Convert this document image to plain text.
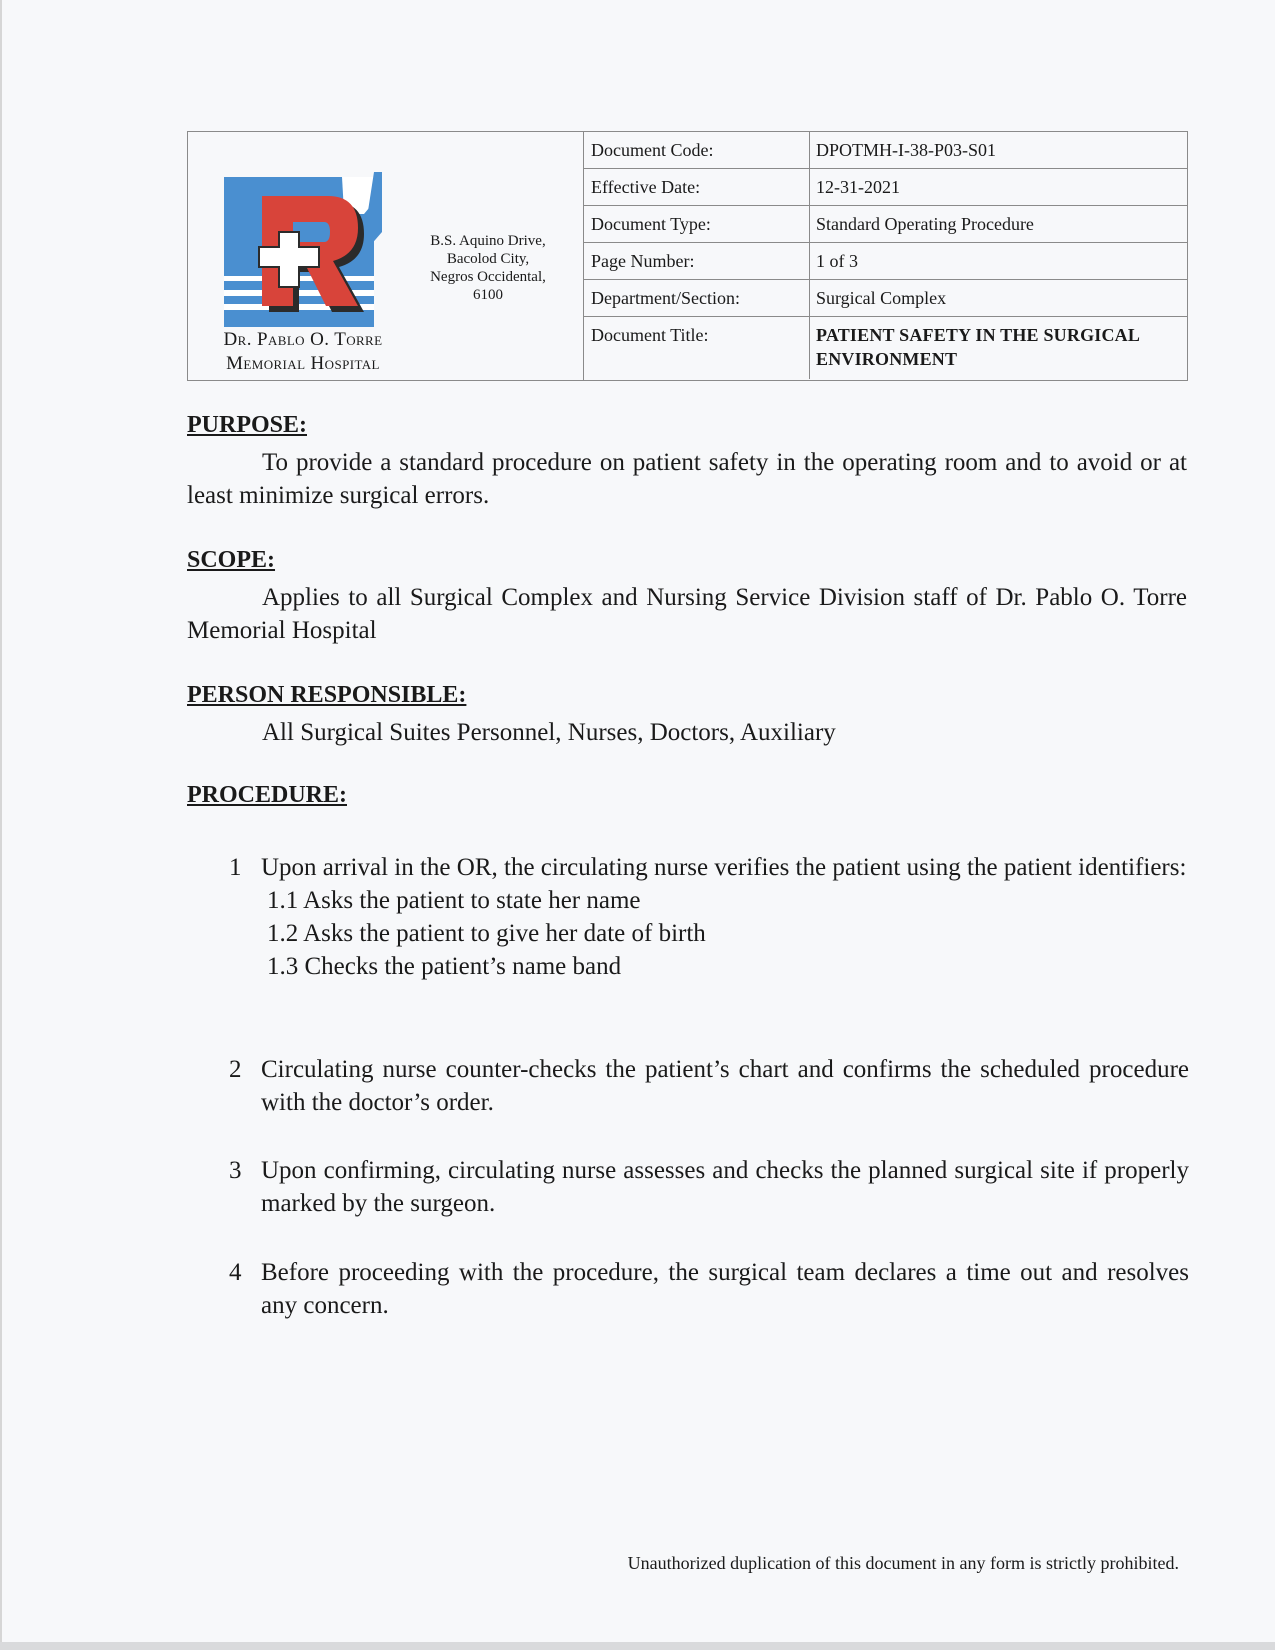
B.S. Aquino Drive,
Bacolod City,
Negros Occidental,
6100
Dr. Pablo O. Torre
Memorial Hospital
Document Code:	DPOTMH-I-38-P03-S01
Effective Date:	12-31-2021
Document Type:	Standard Operating Procedure
Page Number:	1 of 3
Department/Section:	Surgical Complex
Document Title:	PATIENT SAFETY IN THE SURGICAL ENVIRONMENT
PURPOSE:
To provide a standard procedure on patient safety in the operating room and to avoid or at least minimize surgical errors.
SCOPE:
Applies to all Surgical Complex and Nursing Service Division staff of Dr. Pablo O. Torre Memorial Hospital
PERSON RESPONSIBLE:
All Surgical Suites Personnel, Nurses, Doctors, Auxiliary
PROCEDURE:
1 Upon arrival in the OR, the circulating nurse verifies the patient using the patient identifiers:
1.1 Asks the patient to state her name
1.2 Asks the patient to give her date of birth
1.3 Checks the patient’s name band
2 Circulating nurse counter-checks the patient’s chart and confirms the scheduled procedure with the doctor’s order.
3 Upon confirming, circulating nurse assesses and checks the planned surgical site if properly marked by the surgeon.
4 Before proceeding with the procedure, the surgical team declares a time out and resolves any concern.
Unauthorized duplication of this document in any form is strictly prohibited.
